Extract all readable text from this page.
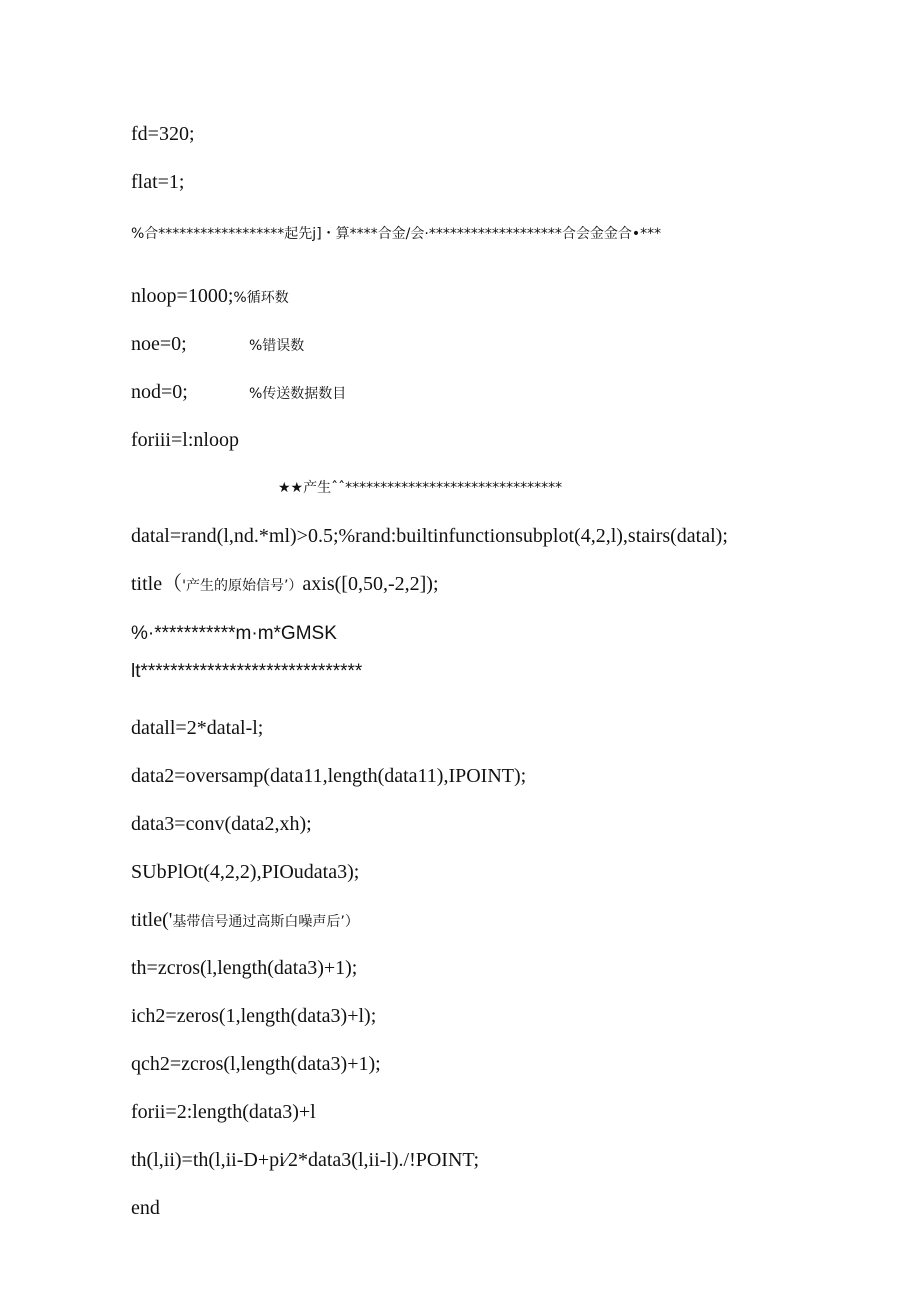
fd=320;
flat=1;
%合******************起先j]・算****合金/会·*******************合会金金合•***
nloop=1000;%循环数
noe=0;	%错误数
nod=0;	%传送数据数目
foriii=l:nloop
★★产生ˆˆ*******************************
datal=rand(l,nd.*ml)>0.5;%rand:builtinfunctionsubplot(4,2,l),stairs(datal);
title（'产生的原始信号’）axis([0,50,-2,2]);
%·***********m·m*GMSK
lt******************************
datall=2*datal-l;
data2=oversamp(data11,length(data11),IPOINT);
data3=conv(data2,xh);
SUbPlOt(4,2,2),PIOudata3);
title('基带信号通过高斯白噪声后’）
th=zcros(l,length(data3)+1);
ich2=zeros(1,length(data3)+l);
qch2=zcros(l,length(data3)+1);
forii=2:length(data3)+l
th(l,ii)=th(l,ii-D+pi⁄2*data3(l,ii-l)./!POINT;
end
